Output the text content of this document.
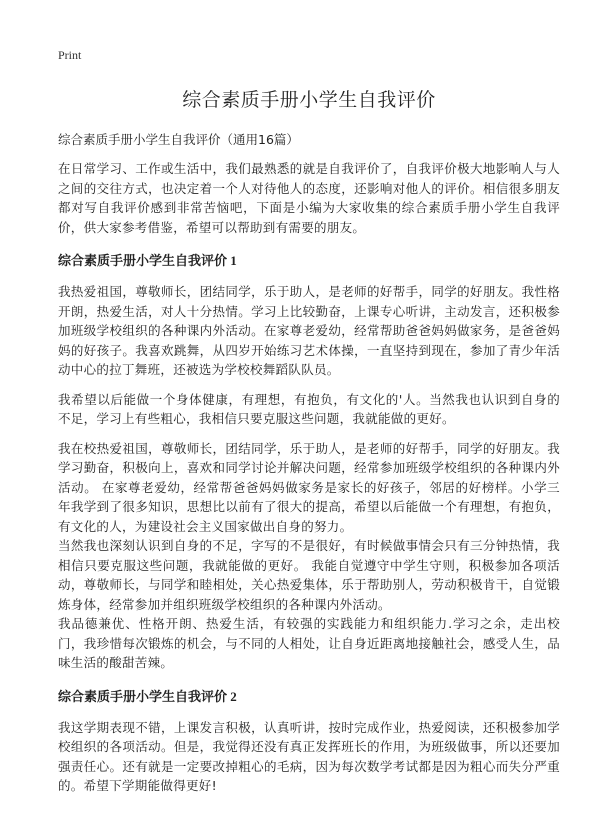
Print
综合素质手册小学生自我评价

综合素质手册小学生自我评价（通用16篇）

在日常学习、工作或生活中，我们最熟悉的就是自我评价了，自我评价极大地影响人与人之间的交往方式，也决定着一个人对待他人的态度，还影响对他人的评价。相信很多朋友都对写自我评价感到非常苦恼吧，下面是小编为大家收集的综合素质手册小学生自我评价，供大家参考借鉴，希望可以帮助到有需要的朋友。

综合素质手册小学生自我评价 1

我热爱祖国，尊敬师长，团结同学，乐于助人，是老师的好帮手，同学的好朋友。我性格开朗，热爱生活，对人十分热情。学习上比较勤奋，上课专心听讲，主动发言，还积极参加班级学校组织的各种课内外活动。在家尊老爱幼，经常帮助爸爸妈妈做家务，是爸爸妈妈的好孩子。我喜欢跳舞，从四岁开始练习艺术体操，一直坚持到现在，参加了青少年活动中心的拉丁舞班，还被选为学校校舞蹈队队员。

我希望以后能做一个身体健康，有理想，有抱负，有文化的'人。当然我也认识到自身的不足，学习上有些粗心，我相信只要克服这些问题，我就能做的更好。

我在校热爱祖国，尊敬师长，团结同学，乐于助人，是老师的好帮手，同学的好朋友。我学习勤奋，积极向上，喜欢和同学讨论并解决问题，经常参加班级学校组织的各种课内外活动。 在家尊老爱幼，经常帮爸爸妈妈做家务是家长的好孩子，邻居的好榜样。小学三年我学到了很多知识，思想比以前有了很大的提高，希望以后能做一个有理想，有抱负，有文化的人，为建设社会主义国家做出自身的努力。

当然我也深刻认识到自身的不足，字写的不是很好，有时候做事情会只有三分钟热情，我相信只要克服这些问题，我就能做的更好。 我能自觉遵守中学生守则，积极参加各项活动，尊敬师长，与同学和睦相处，关心热爱集体，乐于帮助别人，劳动积极肯干，自觉锻炼身体，经常参加并组织班级学校组织的各种课内外活动。

我品德兼优、性格开朗、热爱生活，有较强的实践能力和组织能力.学习之余，走出校门，我珍惜每次锻炼的机会，与不同的人相处，让自身近距离地接触社会，感受人生，品味生活的酸甜苦辣。

综合素质手册小学生自我评价 2

我这学期表现不错，上课发言积极，认真听讲，按时完成作业，热爱阅读，还积极参加学校组织的各项活动。但是，我觉得还没有真正发挥班长的作用，为班级做事，所以还要加强责任心。还有就是一定要改掉粗心的毛病，因为每次数学考试都是因为粗心而失分严重的。希望下学期能做得更好!
